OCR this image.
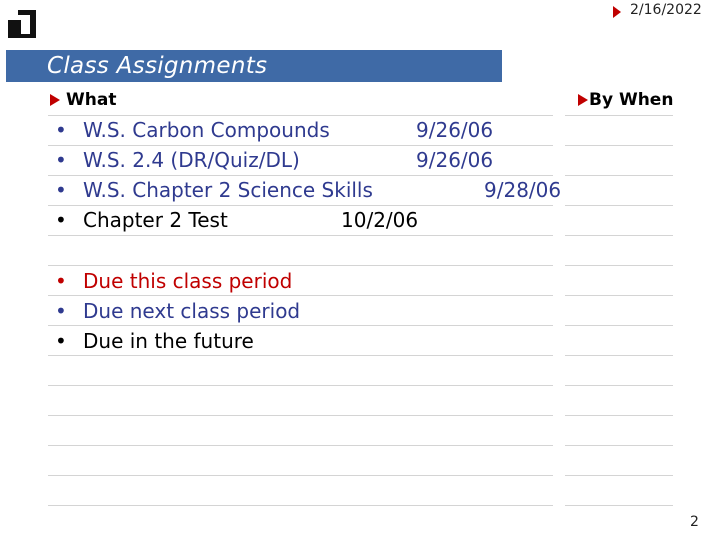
2/16/2022
Class Assignments
What	By When
• W.S. Carbon Compounds	9/26/06
• W.S. 2.4 (DR/Quiz/DL)	9/26/06
• W.S. Chapter 2 Science Skills	9/28/06
• Chapter 2 Test	10/2/06
• Due this class period
• Due next class period
• Due in the future
2
